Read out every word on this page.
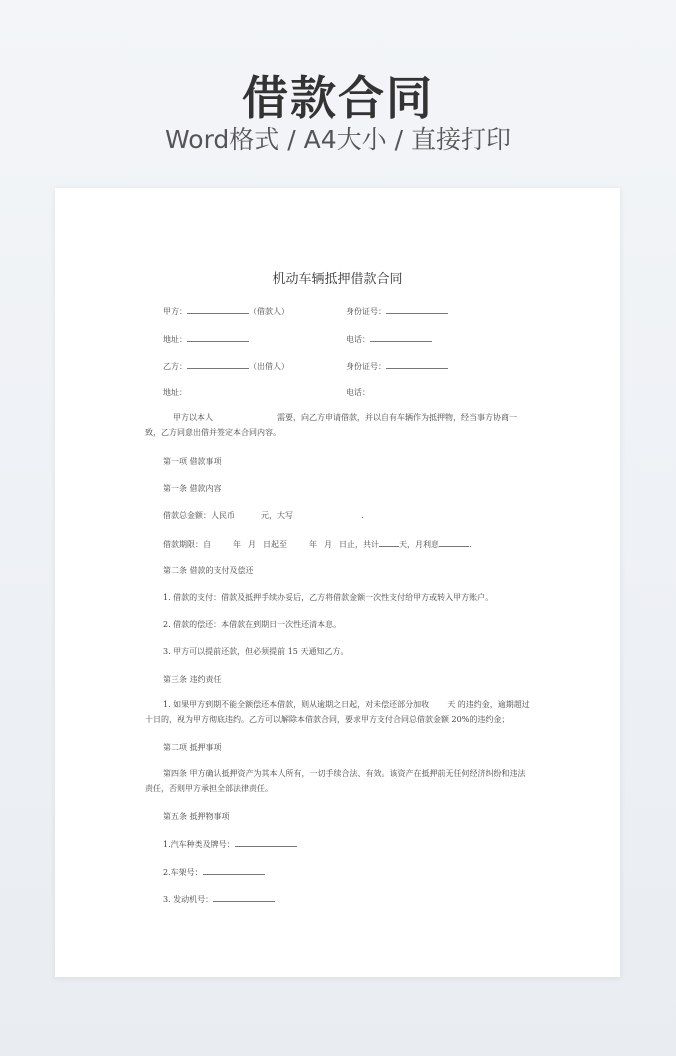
借款合同
Word格式 / A4大小 / 直接打印
机动车辆抵押借款合同
甲方：	（借款人）	身份证号：
地址：	电话：
乙方：	（出借人）	身份证号：
地址：	电话：
甲方以本人	需要，向乙方申请借款，并以自有车辆作为抵押物，经当事方协商一致，乙方同意出借并签定本合同内容。
第一项 借款事项
第一条 借款内容
借款总金额：人民币	元，大写	.
借款期限：自	年 月 日起至	年 月 日止，共计	天，月利息	.
第二条 借款的支付及偿还
1. 借款的支付：借款及抵押手续办妥后，乙方将借款金额一次性支付给甲方或转入甲方账户。
2. 借款的偿还：本借款在到期日一次性还清本息。
3. 甲方可以提前还款，但必须提前 15 天通知乙方。
第三条 违约责任
1. 如果甲方到期不能全额偿还本借款，则从逾期之日起，对未偿还部分加收 天 的违约金，逾期超过十日的，视为甲方彻底违约。乙方可以解除本借款合同，要求甲方支付合同总借款金额 20%的违约金；
第二项 抵押事项
第四条 甲方确认抵押资产为其本人所有，一切手续合法、有效。该资产在抵押前无任何经济纠纷和违法责任，否则甲方承担全部法律责任。
第五条 抵押物事项
1.汽车种类及牌号：
2.车架号：
3. 发动机号：
